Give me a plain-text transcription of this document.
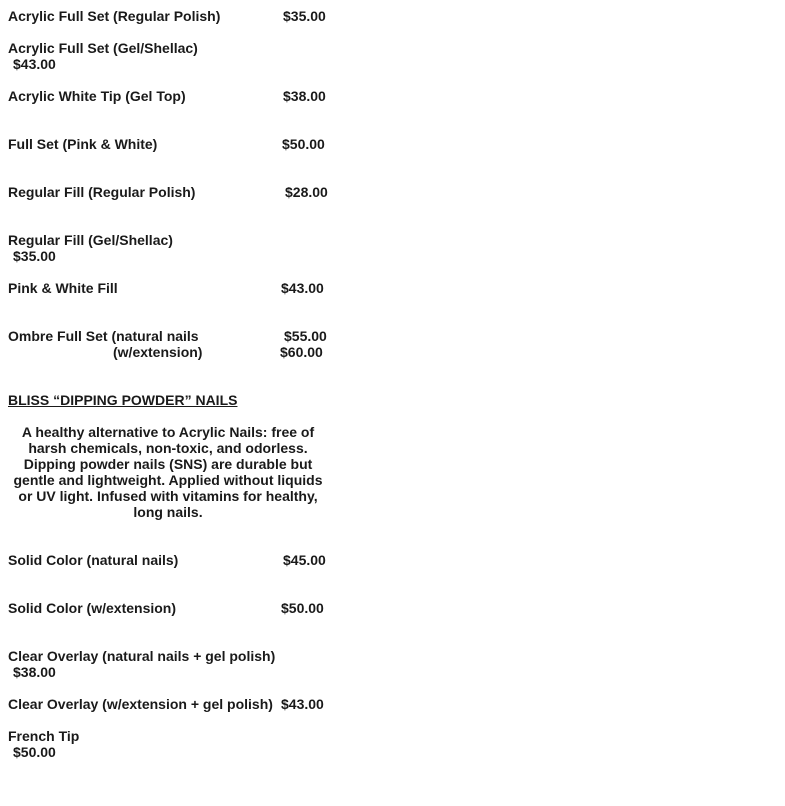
Acrylic Full Set (Regular Polish)	$35.00
Acrylic Full Set (Gel/Shellac)
$43.00
Acrylic White Tip (Gel Top)	$38.00
Full Set (Pink & White)	$50.00
Regular Fill (Regular Polish)	$28.00
Regular Fill (Gel/Shellac)
$35.00
Pink & White Fill	$43.00
Ombre Full Set (natural nails	$55.00
(w/extension)	$60.00
BLISS “DIPPING POWDER” NAILS
A healthy alternative to Acrylic Nails: free of harsh chemicals, non-toxic, and odorless. Dipping powder nails (SNS) are durable but gentle and lightweight. Applied without liquids or UV light. Infused with vitamins for healthy, long nails.
Solid Color (natural nails)	$45.00
Solid Color (w/extension)	$50.00
Clear Overlay (natural nails + gel polish)
$38.00
Clear Overlay (w/extension + gel polish) $43.00
French Tip
$50.00
